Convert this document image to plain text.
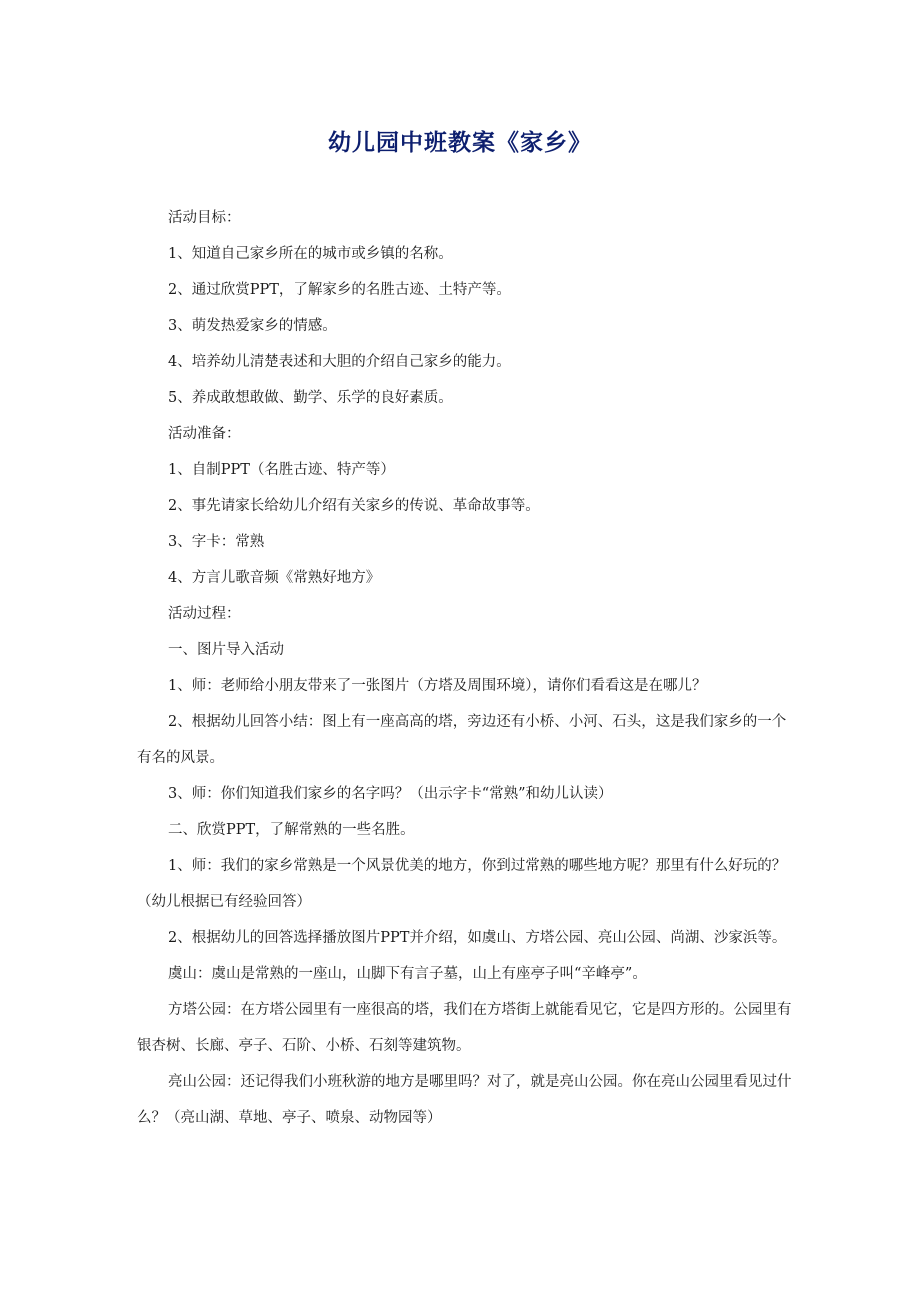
幼儿园中班教案《家乡》

活动目标：

1、知道自己家乡所在的城市或乡镇的名称。

2、通过欣赏PPT，了解家乡的名胜古迹、土特产等。

3、萌发热爱家乡的情感。

4、培养幼儿清楚表述和大胆的介绍自己家乡的能力。

5、养成敢想敢做、勤学、乐学的良好素质。

活动准备：

1、自制PPT（名胜古迹、特产等）

2、事先请家长给幼儿介绍有关家乡的传说、革命故事等。

3、字卡：常熟

4、方言儿歌音频《常熟好地方》

活动过程：

一、图片导入活动

1、师：老师给小朋友带来了一张图片（方塔及周围环境），请你们看看这是在哪儿？

2、根据幼儿回答小结：图上有一座高高的塔，旁边还有小桥、小河、石头，这是我们家乡的一个有名的风景。

3、师：你们知道我们家乡的名字吗？（出示字卡“常熟”和幼儿认读）

二、欣赏PPT，了解常熟的一些名胜。

1、师：我们的家乡常熟是一个风景优美的地方，你到过常熟的哪些地方呢？那里有什么好玩的？（幼儿根据已有经验回答）

2、根据幼儿的回答选择播放图片PPT并介绍，如虞山、方塔公园、亮山公园、尚湖、沙家浜等。

虞山：虞山是常熟的一座山，山脚下有言子墓，山上有座亭子叫“辛峰亭”。

方塔公园：在方塔公园里有一座很高的塔，我们在方塔街上就能看见它，它是四方形的。公园里有银杏树、长廊、亭子、石阶、小桥、石刻等建筑物。

亮山公园：还记得我们小班秋游的地方是哪里吗？对了，就是亮山公园。你在亮山公园里看见过什么？（亮山湖、草地、亭子、喷泉、动物园等）
